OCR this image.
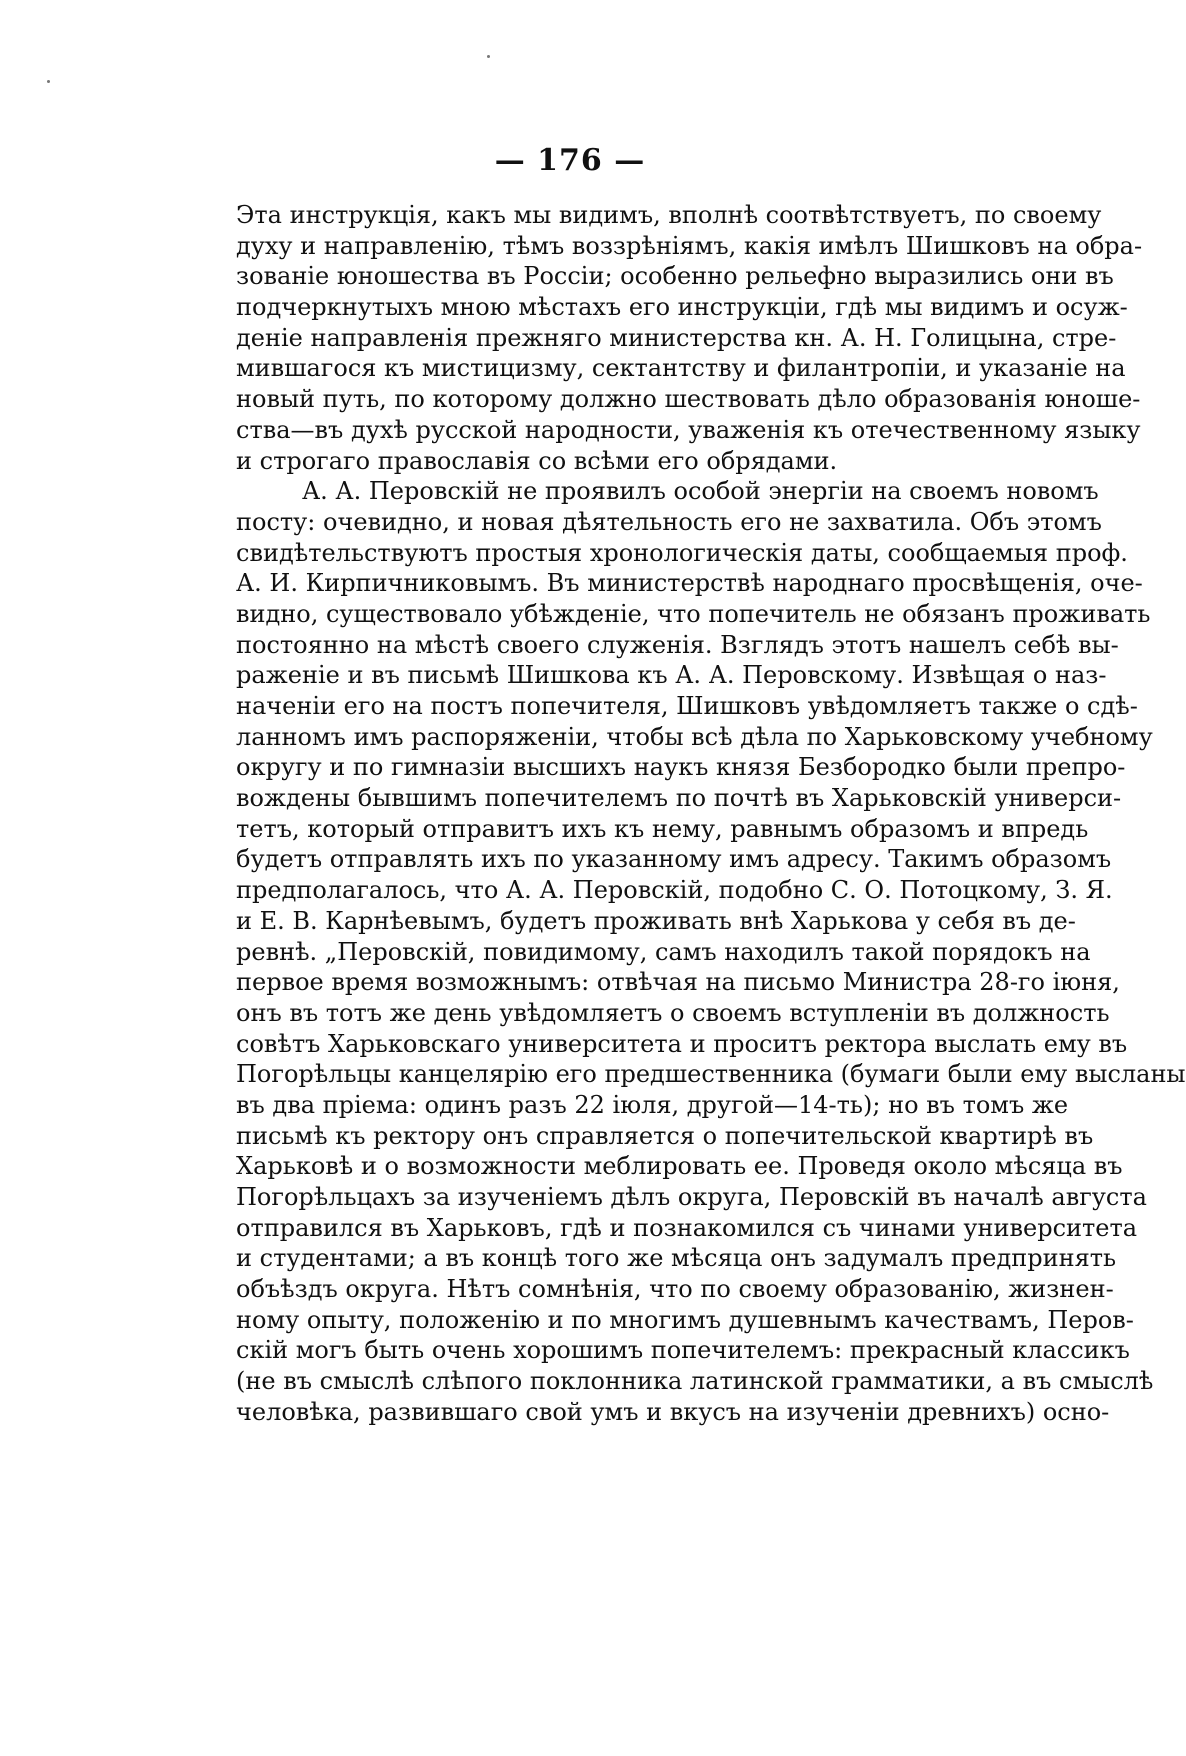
— 176 —
Эта инструкція, какъ мы видимъ, вполнѣ соотвѣтствуетъ, по своему
духу и направленію, тѣмъ воззрѣніямъ, какія имѣлъ Шишковъ на обра-
зованіе юношества въ Россіи; особенно рельефно выразились они въ
подчеркнутыхъ мною мѣстахъ его инструкціи, гдѣ мы видимъ и осуж-
деніе направленія прежняго министерства кн. А. Н. Голицына, стре-
мившагося къ мистицизму, сектантству и филантропіи, и указаніе на
новый путь, по которому должно шествовать дѣло образованія юноше-
ства—въ духѣ русской народности, уваженія къ отечественному языку
и строгаго православія со всѣми его обрядами.
А. А. Перовскій не проявилъ особой энергіи на своемъ новомъ
посту: очевидно, и новая дѣятельность его не захватила. Объ этомъ
свидѣтельствуютъ простыя хронологическія даты, сообщаемыя проф.
А. И. Кирпичниковымъ. Въ министерствѣ народнаго просвѣщенія, оче-
видно, существовало убѣжденіе, что попечитель не обязанъ проживать
постоянно на мѣстѣ своего служенія. Взглядъ этотъ нашелъ себѣ вы-
раженіе и въ письмѣ Шишкова къ А. А. Перовскому. Извѣщая о наз-
наченіи его на постъ попечителя, Шишковъ увѣдомляетъ также о сдѣ-
ланномъ имъ распоряженіи, чтобы всѣ дѣла по Харьковскому учебному
округу и по гимназіи высшихъ наукъ князя Безбородко были препро-
вождены бывшимъ попечителемъ по почтѣ въ Харьковскій универси-
тетъ, который отправитъ ихъ къ нему, равнымъ образомъ и впредь
будетъ отправлять ихъ по указанному имъ адресу. Такимъ образомъ
предполагалось, что А. А. Перовскій, подобно С. О. Потоцкому, З. Я.
и Е. В. Карнѣевымъ, будетъ проживать внѣ Харькова у себя въ де-
ревнѣ. „Перовскій, повидимому, самъ находилъ такой порядокъ на
первое время возможнымъ: отвѣчая на письмо Министра 28-го іюня,
онъ въ тотъ же день увѣдомляетъ о своемъ вступленіи въ должность
совѣтъ Харьковскаго университета и проситъ ректора выслать ему въ
Погорѣльцы канцелярію его предшественника (бумаги были ему высланы
въ два пріема: одинъ разъ 22 іюля, другой—14-ть); но въ томъ же
письмѣ къ ректору онъ справляется о попечительской квартирѣ въ
Харьковѣ и о возможности меблировать ее. Проведя около мѣсяца въ
Погорѣльцахъ за изученіемъ дѣлъ округа, Перовскій въ началѣ августа
отправился въ Харьковъ, гдѣ и познакомился съ чинами университета
и студентами; а въ концѣ того же мѣсяца онъ задумалъ предпринять
объѣздъ округа. Нѣтъ сомнѣнія, что по своему образованію, жизнен-
ному опыту, положенію и по многимъ душевнымъ качествамъ, Перов-
скій могъ быть очень хорошимъ попечителемъ: прекрасный классикъ
(не въ смыслѣ слѣпого поклонника латинской грамматики, а въ смыслѣ
человѣка, развившаго свой умъ и вкусъ на изученіи древнихъ) осно-
